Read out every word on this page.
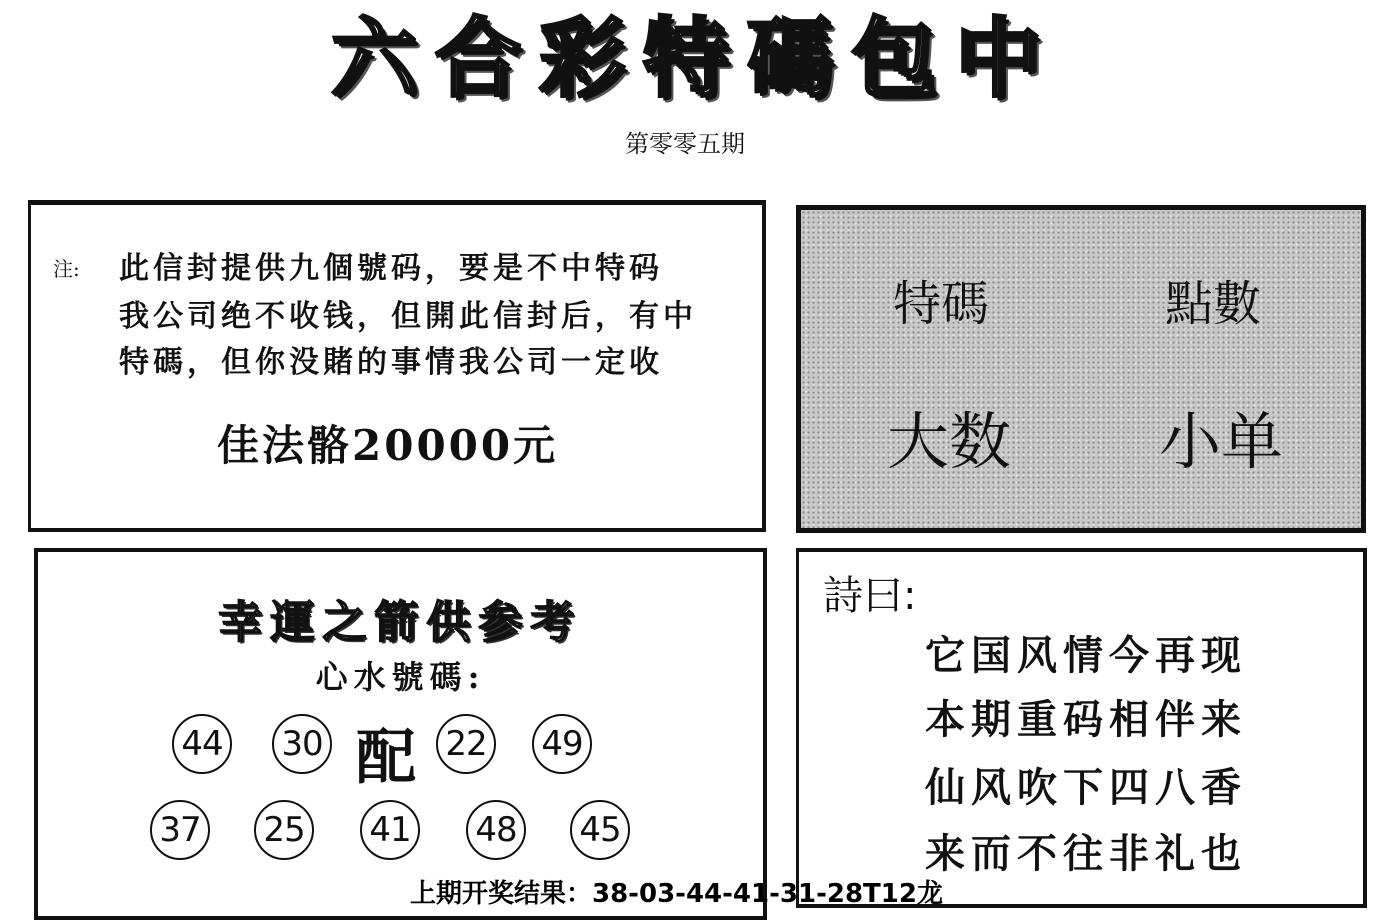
六合彩特碼包中
第零零五期
注: 此信封提供九個號码，要是不中特码
我公司绝不收钱，但開此信封后，有中
特碼，但你没賭的事情我公司一定收
佳法骼20000元
特碼	點數
大数 小单
幸運之箭供参考
心水號碼:
44 30 配 22 49
37 25 41 48 45
詩曰:
它国风情今再现
本期重码相伴来
仙风吹下四八香
来而不往非礼也
上期开奖结果：38-03-44-41-31-28T12龙
